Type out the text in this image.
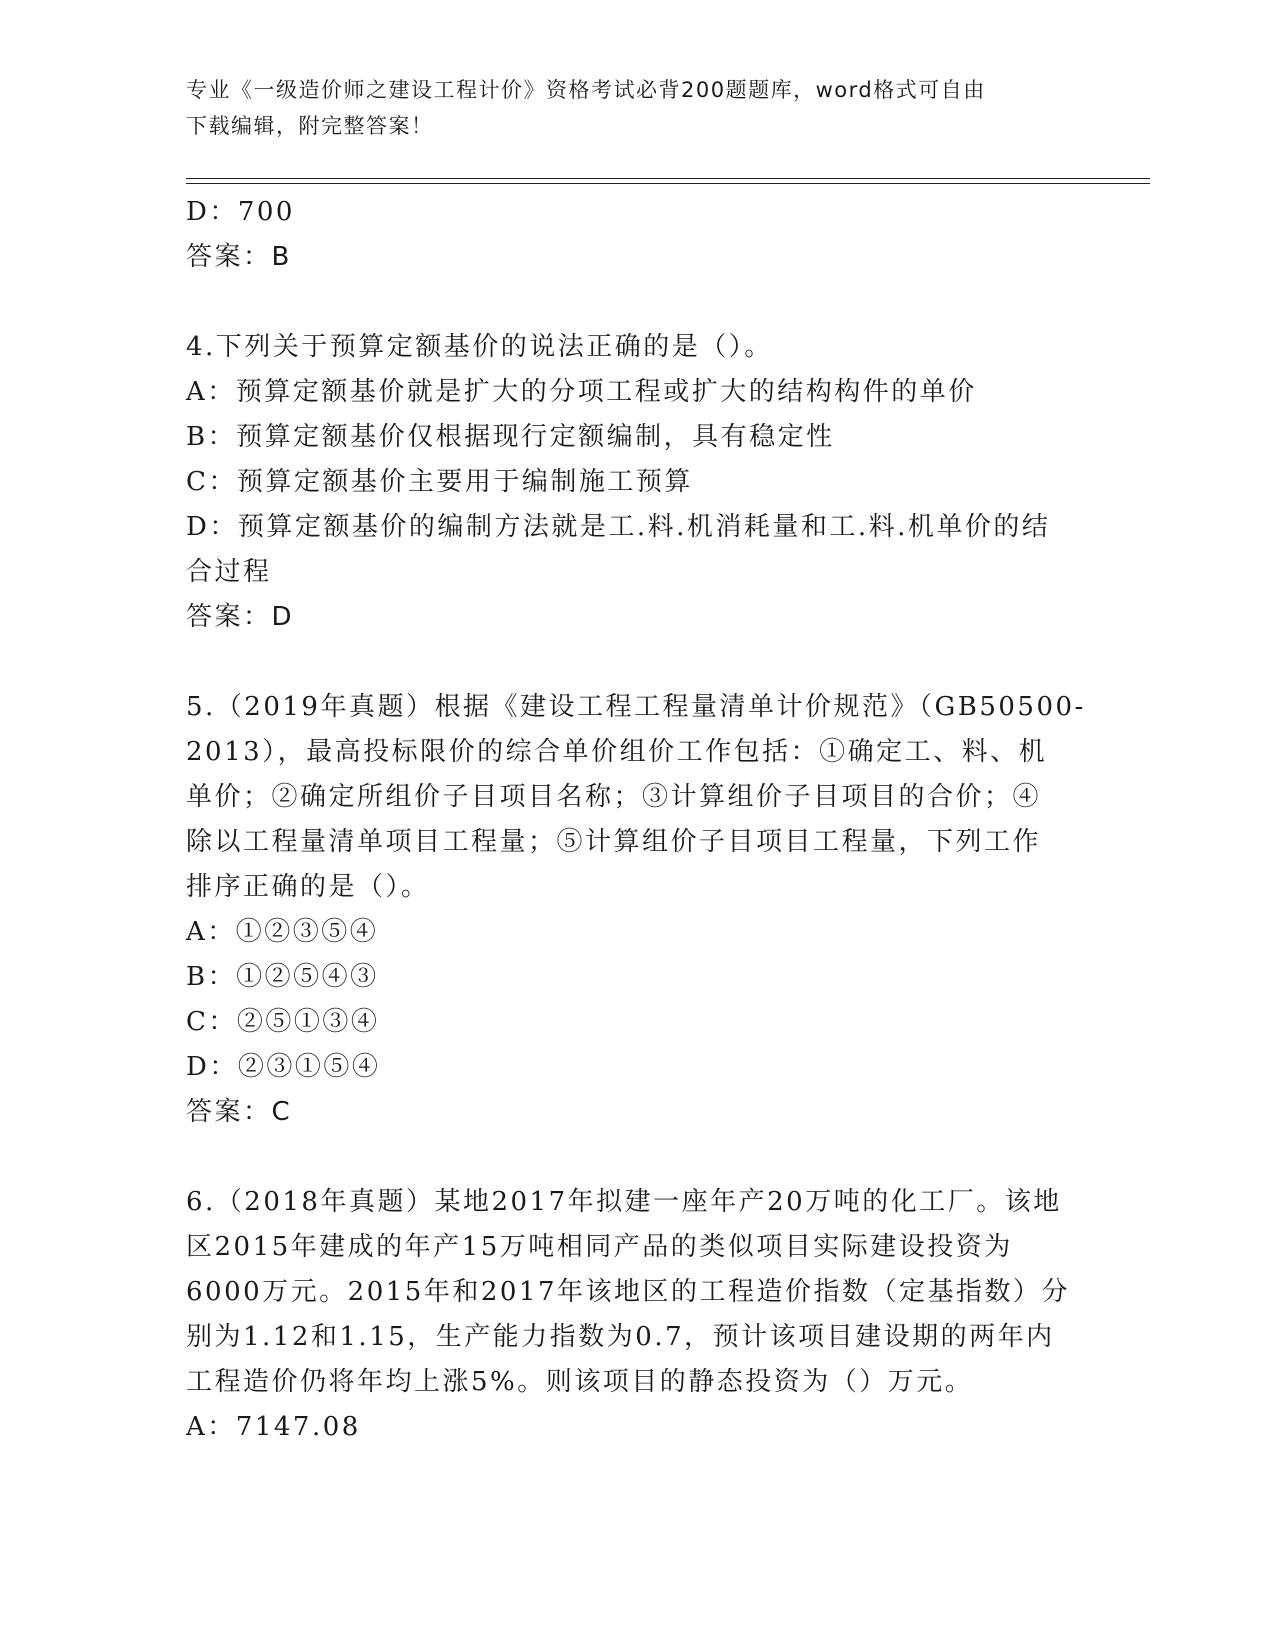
专业《一级造价师之建设工程计价》资格考试必背200题题库，word格式可自由
下载编辑，附完整答案！
D：700
答案：B
4.下列关于预算定额基价的说法正确的是（）。
A：预算定额基价就是扩大的分项工程或扩大的结构构件的单价
B：预算定额基价仅根据现行定额编制，具有稳定性
C：预算定额基价主要用于编制施工预算
D：预算定额基价的编制方法就是工.料.机消耗量和工.料.机单价的结
合过程
答案：D
5.（2019年真题）根据《建设工程工程量清单计价规范》（GB50500-
2013），最高投标限价的综合单价组价工作包括：①确定工、料、机
单价；②确定所组价子目项目名称；③计算组价子目项目的合价；④
除以工程量清单项目工程量；⑤计算组价子目项目工程量，下列工作
排序正确的是（）。
A：①②③⑤④
B：①②⑤④③
C：②⑤①③④
D：②③①⑤④
答案：C
6.（2018年真题）某地2017年拟建一座年产20万吨的化工厂。该地
区2015年建成的年产15万吨相同产品的类似项目实际建设投资为
6000万元。2015年和2017年该地区的工程造价指数（定基指数）分
别为1.12和1.15，生产能力指数为0.7，预计该项目建设期的两年内
工程造价仍将年均上涨5%。则该项目的静态投资为（）万元。
A：7147.08
